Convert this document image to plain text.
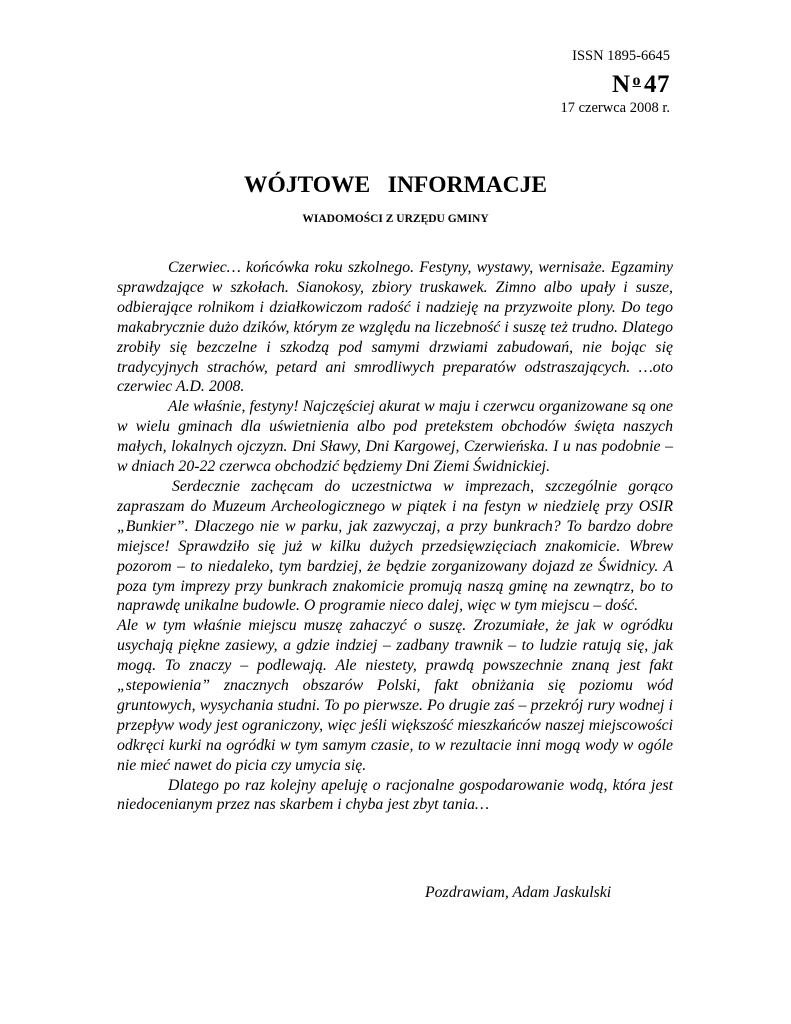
ISSN 1895-6645
N $^o$ 47
17 czerwca 2008 r.
WÓJTOWE   INFORMACJE
WIADOMOŚCI Z URZĘDU GMINY

Czerwiec… końcówka roku szkolnego. Festyny, wystawy, wernisaże. Egzaminy sprawdzające w szkołach. Sianokosy, zbiory truskawek. Zimno albo upały i susze, odbierające rolnikom i działkowiczom radość i nadzieję na przyzwoite plony. Do tego makabrycznie dużo dzików, którym ze względu na liczebność i suszę też trudno. Dlatego zrobiły się bezczelne i szkodzą pod samymi drzwiami zabudowań, nie bojąc się tradycyjnych strachów, petard ani smrodliwych preparatów odstraszających. …oto czerwiec A.D. 2008.

Ale właśnie, festyny! Najczęściej akurat w maju i czerwcu organizowane są one w wielu gminach dla uświetnienia albo pod pretekstem obchodów święta naszych małych, lokalnych ojczyzn. Dni Sławy, Dni Kargowej, Czerwieńska. I u nas podobnie – w dniach 20-22 czerwca obchodzić będziemy Dni Ziemi Świdnickiej.

Serdecznie zachęcam do uczestnictwa w imprezach, szczególnie gorąco zapraszam do Muzeum Archeologicznego w piątek i na festyn w niedzielę przy OSIR „Bunkier”. Dlaczego nie w parku, jak zazwyczaj, a przy bunkrach? To bardzo dobre miejsce! Sprawdziło się już w kilku dużych przedsięwzięciach znakomicie. Wbrew pozorom – to niedaleko, tym bardziej, że będzie zorganizowany dojazd ze Świdnicy. A poza tym imprezy przy bunkrach znakomicie promują naszą gminę na zewnątrz, bo to naprawdę unikalne budowle. O programie nieco dalej, więc w tym miejscu – dość.

Ale w tym właśnie miejscu muszę zahaczyć o suszę. Zrozumiałe, że jak w ogródku usychają piękne zasiewy, a gdzie indziej – zadbany trawnik – to ludzie ratują się, jak mogą. To znaczy – podlewają. Ale niestety, prawdą powszechnie znaną jest fakt „stepowienia” znacznych obszarów Polski, fakt obniżania się poziomu wód gruntowych, wysychania studni. To po pierwsze. Po drugie zaś – przekrój rury wodnej i przepływ wody jest ograniczony, więc jeśli większość mieszkańców naszej miejscowości odkręci kurki na ogródki w tym samym czasie, to w rezultacie inni mogą wody w ogóle nie mieć nawet do picia czy umycia się.

Dlatego po raz kolejny apeluję o racjonalne gospodarowanie wodą, która jest niedocenianym przez nas skarbem i chyba jest zbyt tania…

Pozdrawiam, Adam Jaskulski
